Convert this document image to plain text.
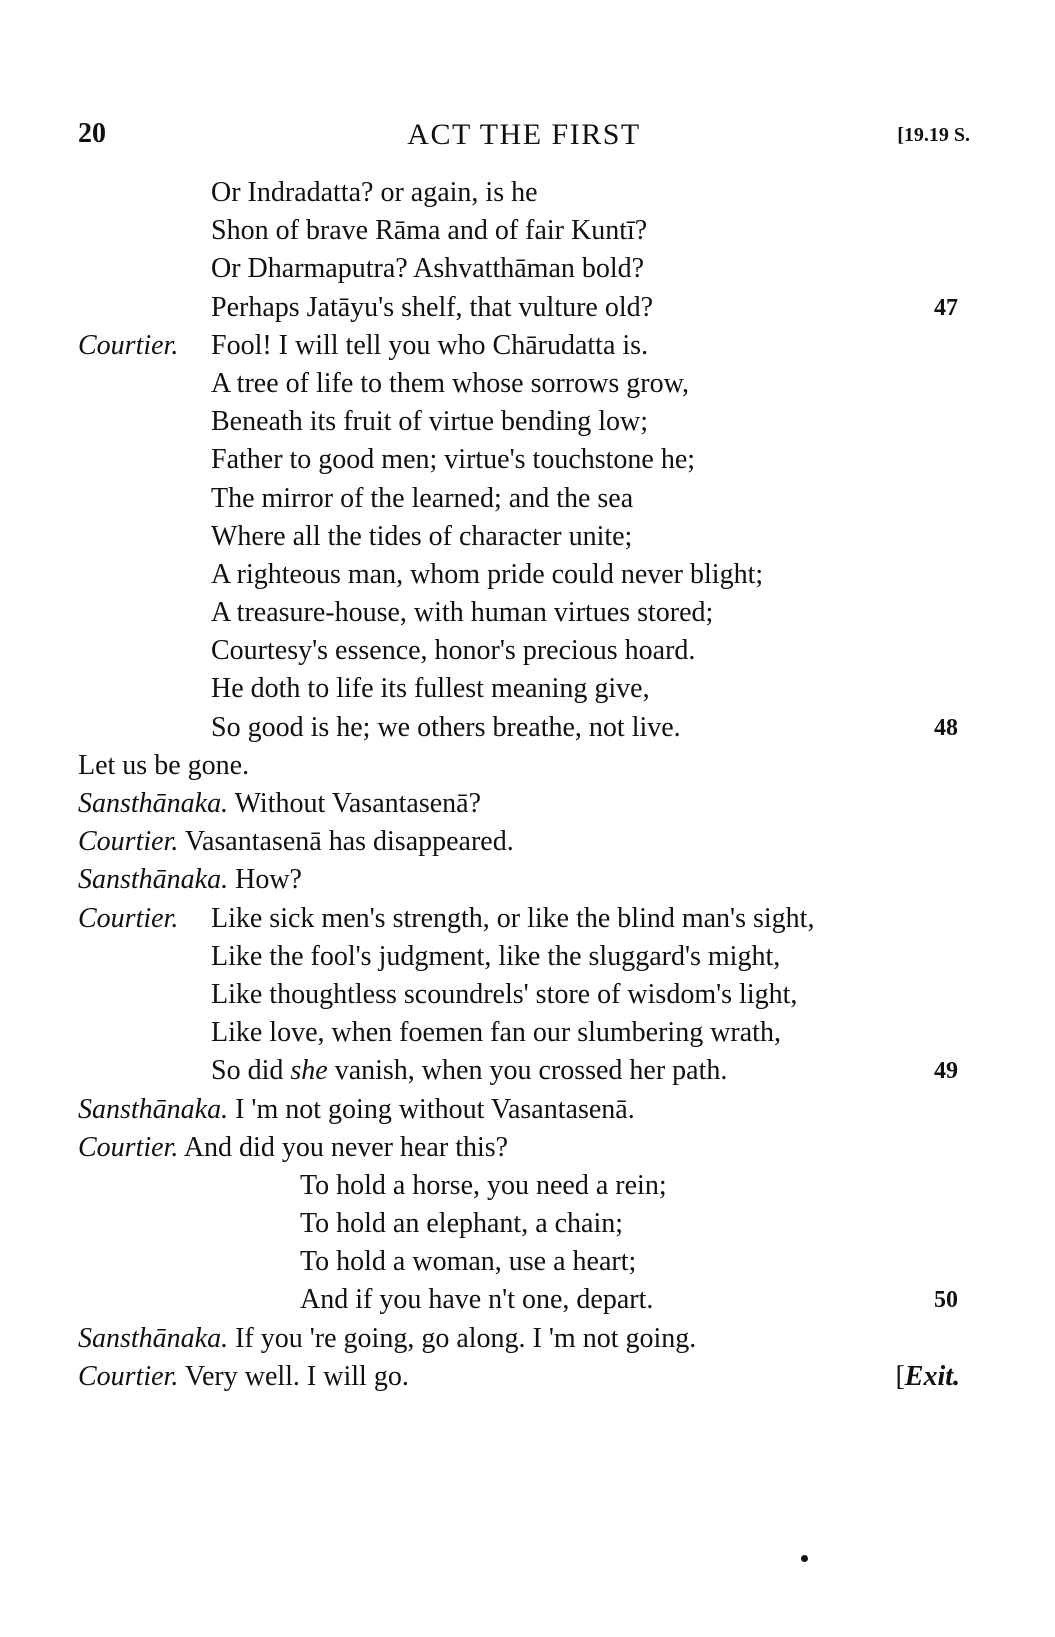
20	ACT THE FIRST	[19.19 S.
Or Indradatta? or again, is he
Shon of brave Rāma and of fair Kuntī?
Or Dharmaputra? Ashvatthāman bold?
Perhaps Jatāyu's shelf, that vulture old?	47
Courtier. Fool! I will tell you who Chārudatta is.
A tree of life to them whose sorrows grow,
Beneath its fruit of virtue bending low;
Father to good men; virtue's touchstone he;
The mirror of the learned; and the sea
Where all the tides of character unite;
A righteous man, whom pride could never blight;
A treasure-house, with human virtues stored;
Courtesy's essence, honor's precious hoard.
He doth to life its fullest meaning give,
So good is he; we others breathe, not live.	48
Let us be gone.
Sansthānaka. Without Vasantasenā?
Courtier. Vasantasenā has disappeared.
Sansthānaka. How?
Courtier. Like sick men's strength, or like the blind man's sight,
Like the fool's judgment, like the sluggard's might,
Like thoughtless scoundrels' store of wisdom's light,
Like love, when foemen fan our slumbering wrath,
So did she vanish, when you crossed her path.	49
Sansthānaka. I 'm not going without Vasantasenā.
Courtier. And did you never hear this?
To hold a horse, you need a rein;
To hold an elephant, a chain;
To hold a woman, use a heart;
And if you have n't one, depart.	50
Sansthānaka. If you 're going, go along. I 'm not going.
Courtier. Very well. I will go.	[Exit.
